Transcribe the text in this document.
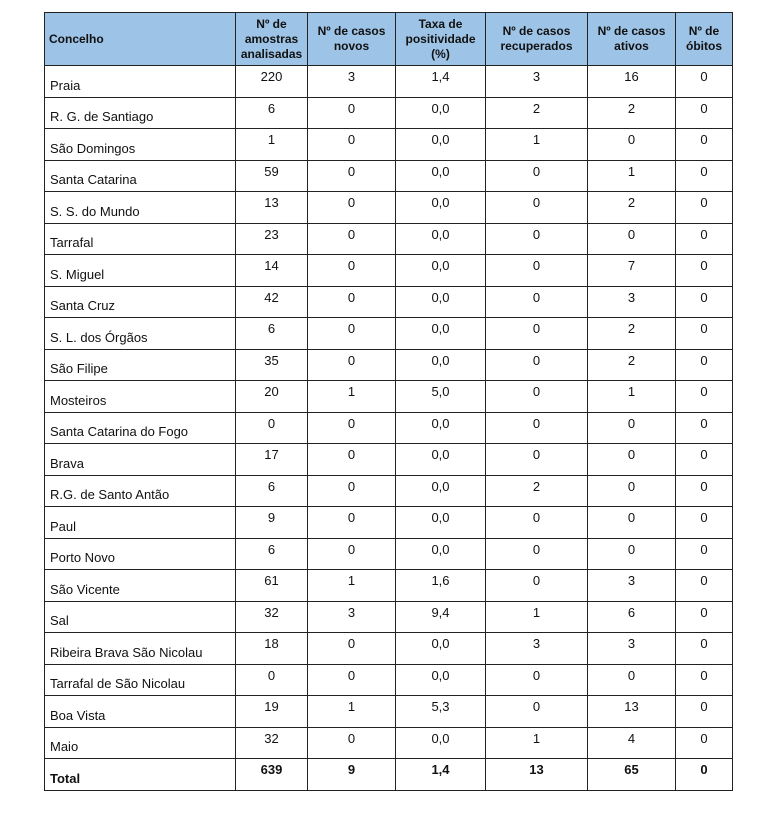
Concelho	Nº de amostras analisadas	Nº de casos novos	Taxa de positividade (%)	Nº de casos recuperados	Nº de casos ativos	Nº de óbitos
Praia	220	3	1,4	3	16	0
R. G. de Santiago	6	0	0,0	2	2	0
São Domingos	1	0	0,0	1	0	0
Santa Catarina	59	0	0,0	0	1	0
S. S. do Mundo	13	0	0,0	0	2	0
Tarrafal	23	0	0,0	0	0	0
S. Miguel	14	0	0,0	0	7	0
Santa Cruz	42	0	0,0	0	3	0
S. L. dos Órgãos	6	0	0,0	0	2	0
São Filipe	35	0	0,0	0	2	0
Mosteiros	20	1	5,0	0	1	0
Santa Catarina do Fogo	0	0	0,0	0	0	0
Brava	17	0	0,0	0	0	0
R.G. de Santo Antão	6	0	0,0	2	0	0
Paul	9	0	0,0	0	0	0
Porto Novo	6	0	0,0	0	0	0
São Vicente	61	1	1,6	0	3	0
Sal	32	3	9,4	1	6	0
Ribeira Brava São Nicolau	18	0	0,0	3	3	0
Tarrafal de São Nicolau	0	0	0,0	0	0	0
Boa Vista	19	1	5,3	0	13	0
Maio	32	0	0,0	1	4	0
Total	639	9	1,4	13	65	0
